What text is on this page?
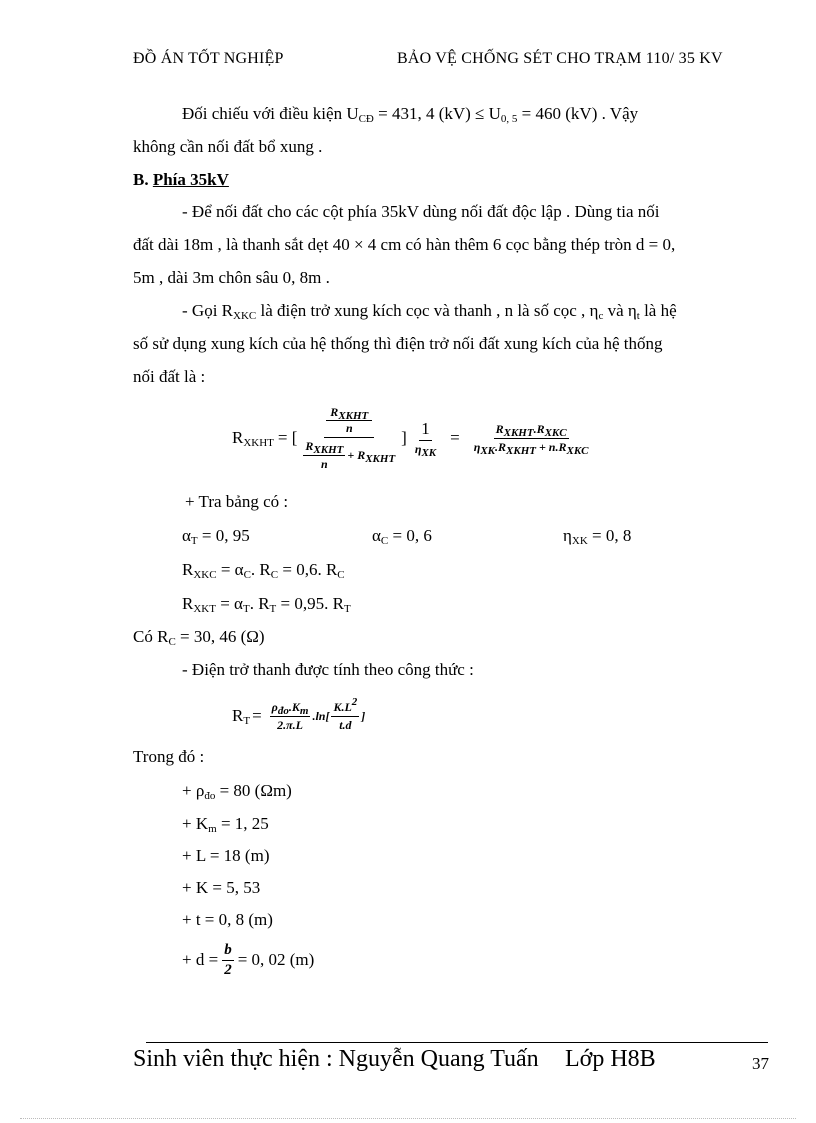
ĐỒ ÁN TỐT NGHIỆP	BẢO VỆ CHỐNG SÉT CHO TRẠM 110/ 35 KV
Đối chiếu với điều kiện $U_{CĐ} = 431$, 4 $(kV) \le U_{0, 5} = 460$ (kV) . Vậy
không cần nối đất bổ xung .
B. Phía 35kV
- Để nối đất cho các cột phía 35kV dùng nối đất độc lập . Dùng tia nối
đất dài 18m , là thanh sắt dẹt 40 × 4 cm có hàn thêm 6 cọc bằng thép tròn d = 0,
5m , dài 3m chôn sâu 0, 8m .
- Gọi $R_{XKC}$ là điện trở xung kích cọc và thanh , n là số cọc , $\eta_c$ và $\eta_t$ là hệ
số sử dụng xung kích của hệ thống thì điện trở nối đất xung kích của hệ thống
nối đất là :
$R_{XKHT}$ = [ $R_{XKHT}$
n
$\frac{R_{XKHT}}{n} + R_{XKHT}$ ] $\frac{1}{\eta_{XK}} = \frac{R_{XKHT}.R_{XKC}}{\eta_{XK}.R_{XKHT} + n.R_{XKC}}$
+ Tra bảng có :
$\alpha_T = 0$, 95	$\alpha_C = 0$, 6	$\eta_{XK} = 0$, 8
$R_{XKC} = \alpha_C$. $R_C = 0,6$. $R_C$
$R_{XKT} = \alpha_T$. $R_T = 0,95$. $R_T$
Có $R_C = 30$, 46 (Ω)
- Điện trở thanh được tính theo công thức :
$R_T = \frac{\rho_{đo}.K_m}{2.\pi.L} .\ln[ \frac{K.L^2}{t.d}$ ]
Trong đó :
+ $\rho_{đo} = 80$ (Ωm)
+ $K_m = 1$, 25
+ L = 18 (m)
+ K = 5, 53
+ t = 0, 8 (m)
+ $d = \frac{b}{2} = 0$, 02 (m)
Sinh viên thực hiện : Nguyễn Quang Tuấn Lớp H8B	37
